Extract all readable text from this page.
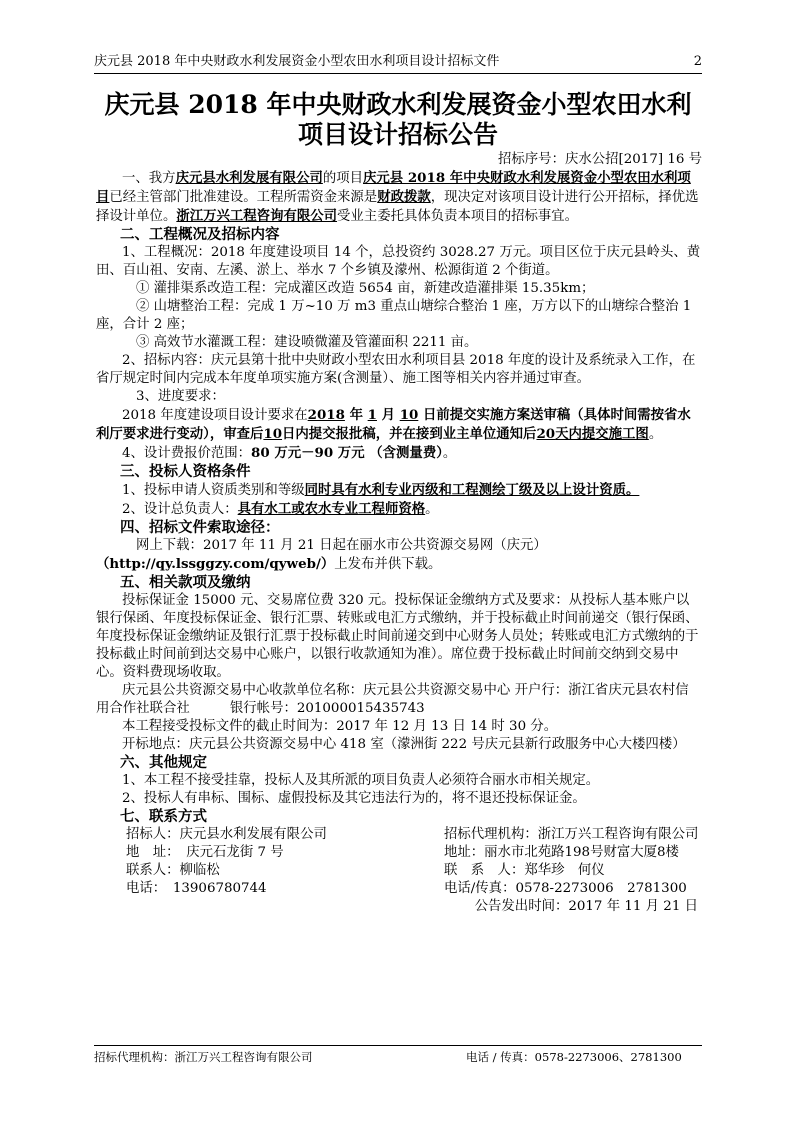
庆元县 2018 年中央财政水利发展资金小型农田水利项目设计招标文件	2
庆元县 2018 年中央财政水利发展资金小型农田水利
项目设计招标公告

招标序号：庆水公招[2017] 16 号

一、我方庆元县水利发展有限公司的项目庆元县 2018 年中央财政水利发展资金小型农田水利项目已经主管部门批准建设。工程所需资金来源是财政拨款，现决定对该项目设计进行公开招标，择优选择设计单位。浙江万兴工程咨询有限公司受业主委托具体负责本项目的招标事宜。

二、工程概况及招标内容

1、工程概况：2018 年度建设项目 14 个，总投资约 3028.27 万元。项目区位于庆元县岭头、黄田、百山祖、安南、左溪、淤上、举水 7 个乡镇及濛州、松源街道 2 个街道。

① 灌排渠系改造工程：完成灌区改造 5654 亩，新建改造灌排渠 15.35km；

② 山塘整治工程：完成 1 万~10 万 m3 重点山塘综合整治 1 座，万方以下的山塘综合整治 1 座，合计 2 座；

③ 高效节水灌溉工程：建设喷微灌及管灌面积 2211 亩。

2、招标内容：庆元县第十批中央财政小型农田水利项目县 2018 年度的设计及系统录入工作，在省厅规定时间内完成本年度单项实施方案(含测量）、施工图等相关内容并通过审查。

3、进度要求：

2018 年度建设项目设计要求在2018 年 1 月 10 日前提交实施方案送审稿（具体时间需按省水利厅要求进行变动），审查后10日内提交报批稿，并在接到业主单位通知后20天内提交施工图。

4、设计费报价范围：80 万元－90 万元 （含测量费）。

三、投标人资格条件

1、投标申请人资质类别和等级同时具有水利专业丙级和工程测绘丁级及以上设计资质。

2、设计总负责人：具有水工或农水专业工程师资格。

四、招标文件索取途径：

网上下载：2017 年 11 月 21 日起在丽水市公共资源交易网（庆元）

（http://qy.lssggzy.com/qyweb/）上发布并供下载。

五、相关款项及缴纳

投标保证金 15000 元、交易席位费 320 元。投标保证金缴纳方式及要求：从投标人基本账户以银行保函、年度投标保证金、银行汇票、转账或电汇方式缴纳，并于投标截止时间前递交（银行保函、年度投标保证金缴纳证及银行汇票于投标截止时间前递交到中心财务人员处；转账或电汇方式缴纳的于投标截止时间前到达交易中心账户，以银行收款通知为准）。席位费于投标截止时间前交纳到交易中心。资料费现场收取。

庆元县公共资源交易中心收款单位名称：庆元县公共资源交易中心 开户行：浙江省庆元县农村信用合作社联合社　　　	银行帐号：201000015435743

本工程接受投标文件的截止时间为：2017 年 12 月 13 日 14 时 30 分。

开标地点：庆元县公共资源交易中心 418 室（濛洲街 222 号庆元县新行政服务中心大楼四楼）

六、其他规定

1、本工程不接受挂靠，投标人及其所派的项目负责人必须符合丽水市相关规定。

2、投标人有串标、围标、虚假投标及其它违法行为的，将不退还投标保证金。

七、联系方式

招标人：庆元县水利发展有限公司	招标代理机构：浙江万兴工程咨询有限公司
地　址：　庆元石龙街 7 号	地址：丽水市北苑路198号财富大厦8楼
联系人：柳临松	联　系　人：郑华珍　何仪
电话：　13906780744	电话/传真：0578-2273006　2781300

公告发出时间：2017 年 11 月 21 日

招标代理机构：浙江万兴工程咨询有限公司	电话 / 传真：0578-2273006、2781300
